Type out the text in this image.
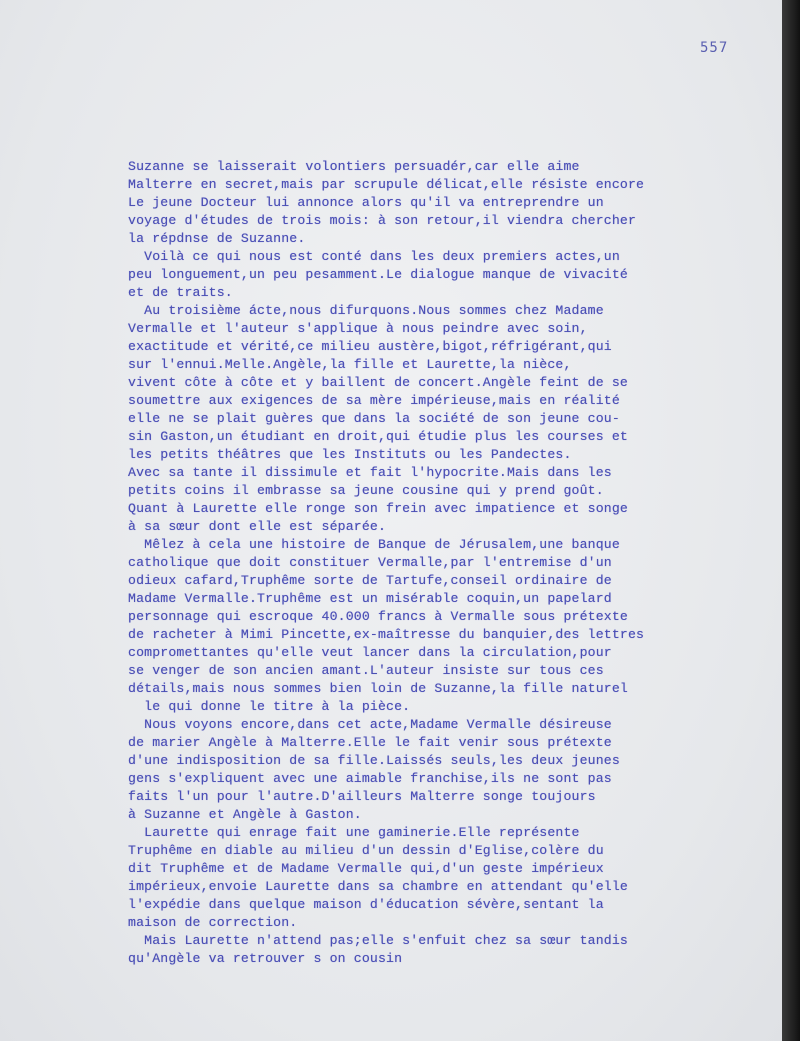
557
Suzanne se laisserait volontiers persuadér,car elle aime
Malterre en secret,mais par scrupule délicat,elle résiste encore
Le jeune Docteur lui annonce alors qu'il va entreprendre un
voyage d'études de trois mois: à son retour,il viendra chercher
la répdnse de Suzanne.
Voilà ce qui nous est conté dans les deux premiers actes,un
peu longuement,un peu pesamment.Le dialogue manque de vivacité
et de traits.
Au troisième ácte,nous difurquons.Nous sommes chez Madame
Vermalle et l'auteur s'applique à nous peindre avec soin,
exactitude et vérité,ce milieu austère,bigot,réfrigérant,qui
sur l'ennui.Melle.Angèle,la fille et Laurette,la nièce,
vivent côte à côte et y baillent de concert.Angèle feint de se
soumettre aux exigences de sa mère impérieuse,mais en réalité
elle ne se plait guères que dans la société de son jeune cou-
sin Gaston,un étudiant en droit,qui étudie plus les courses et
les petits théâtres que les Instituts ou les Pandectes.
Avec sa tante il dissimule et fait l'hypocrite.Mais dans les
petits coins il embrasse sa jeune cousine qui y prend goût.
Quant à Laurette elle ronge son frein avec impatience et songe
à sa sœur dont elle est séparée.
Mêlez à cela une histoire de Banque de Jérusalem,une banque
catholique que doit constituer Vermalle,par l'entremise d'un
odieux cafard,Truphême sorte de Tartufe,conseil ordinaire de
Madame Vermalle.Truphême est un misérable coquin,un papelard
personnage qui escroque 40.000 francs à Vermalle sous prétexte
de racheter à Mimi Pincette,ex-maîtresse du banquier,des lettres
compromettantes qu'elle veut lancer dans la circulation,pour
se venger de son ancien amant.L'auteur insiste sur tous ces
détails,mais nous sommes bien loin de Suzanne,la fille naturel
le qui donne le titre à la pièce.
Nous voyons encore,dans cet acte,Madame Vermalle désireuse
de marier Angèle à Malterre.Elle le fait venir sous prétexte
d'une indisposition de sa fille.Laissés seuls,les deux jeunes
gens s'expliquent avec une aimable franchise,ils ne sont pas
faits l'un pour l'autre.D'ailleurs Malterre songe toujours
à Suzanne et Angèle à Gaston.
Laurette qui enrage fait une gaminerie.Elle représente
Truphême en diable au milieu d'un dessin d'Eglise,colère du
dit Truphême et de Madame Vermalle qui,d'un geste impérieux
impérieux,envoie Laurette dans sa chambre en attendant qu'elle
l'expédie dans quelque maison d'éducation sévère,sentant la
maison de correction.
Mais Laurette n'attend pas;elle s'enfuit chez sa sœur tandis
qu'Angèle va retrouver s on cousin
